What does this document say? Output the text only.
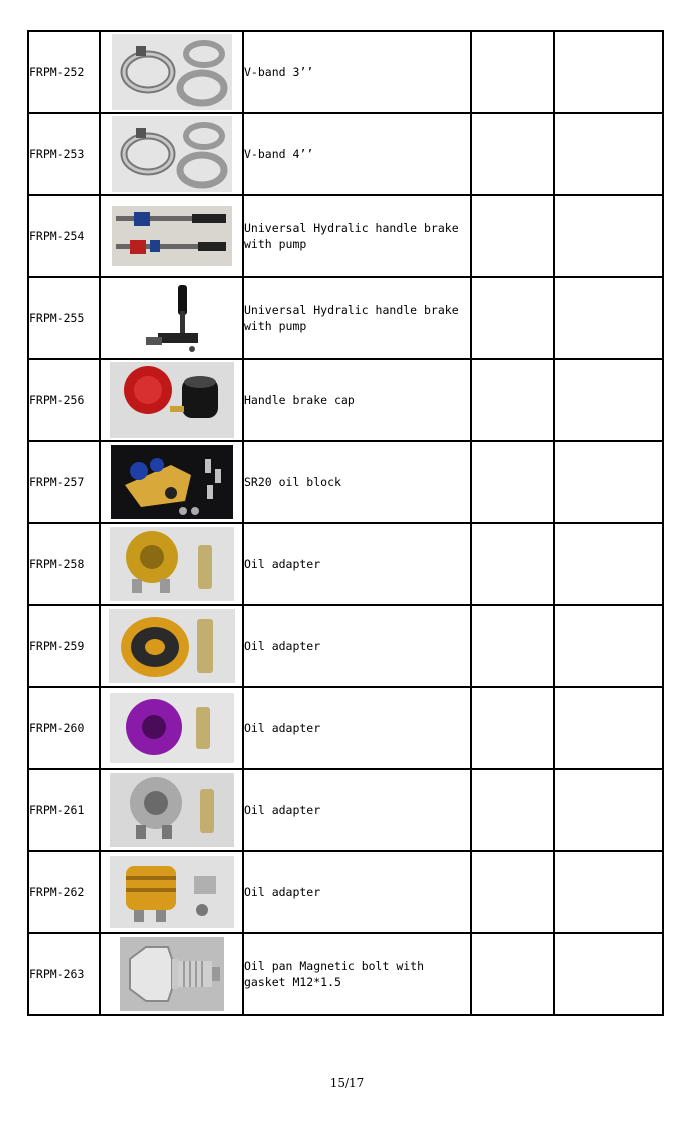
FRPM-252		V-band 3’’		
FRPM-253		V-band 4’’		
FRPM-254		Universal Hydralic handle brake with pump		
FRPM-255		Universal Hydralic handle brake with pump		
FRPM-256		Handle brake cap		
FRPM-257		SR20 oil block		
FRPM-258		Oil adapter		
FRPM-259		Oil adapter		
FRPM-260		Oil adapter		
FRPM-261		Oil adapter		
FRPM-262		Oil adapter		
FRPM-263		Oil pan Magnetic bolt with gasket M12*1.5		
15/17
